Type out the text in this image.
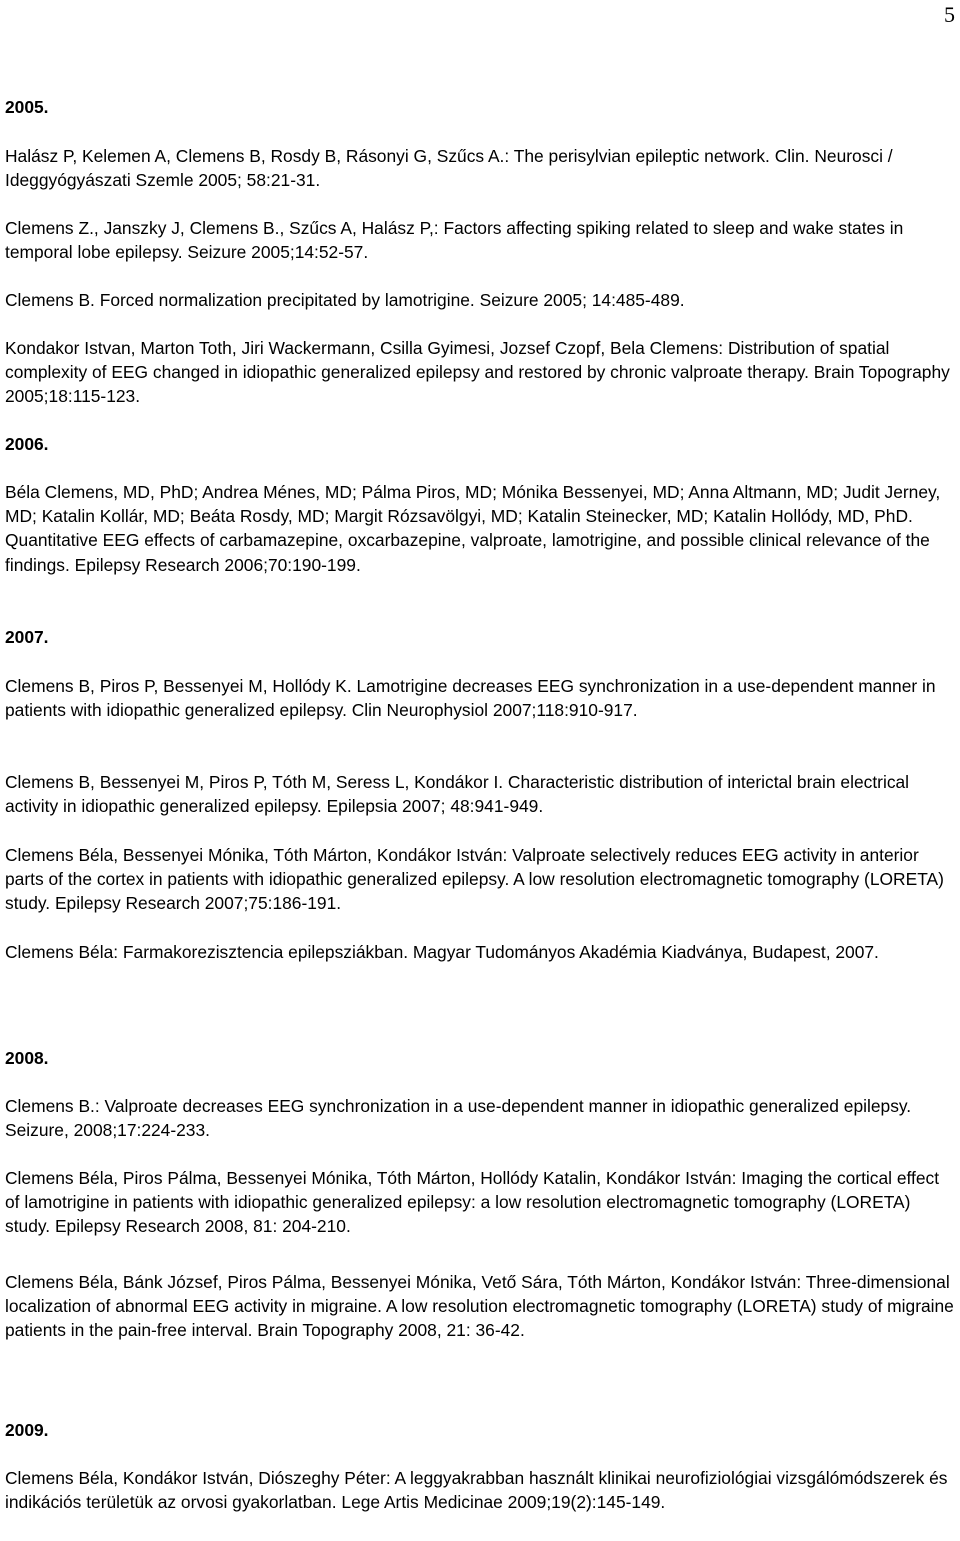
5

2005.

Halász P, Kelemen A, Clemens B, Rosdy B, Rásonyi G, Szűcs A.: The perisylvian epileptic network. Clin. Neurosci / Ideggyógyászati Szemle 2005; 58:21-31.

Clemens Z., Janszky J, Clemens B., Szűcs A, Halász P,: Factors affecting spiking related to sleep and wake states in temporal lobe epilepsy. Seizure 2005;14:52-57.

Clemens B. Forced normalization precipitated by lamotrigine. Seizure 2005; 14:485-489.

Kondakor Istvan, Marton Toth, Jiri Wackermann, Csilla Gyimesi, Jozsef Czopf, Bela Clemens: Distribution of spatial complexity of EEG changed in idiopathic generalized epilepsy and restored by chronic valproate therapy. Brain Topography 2005;18:115-123.

2006.

Béla Clemens, MD, PhD; Andrea Ménes, MD; Pálma Piros, MD; Mónika Bessenyei, MD; Anna Altmann, MD; Judit Jerney, MD; Katalin Kollár, MD; Beáta Rosdy, MD; Margit Rózsavölgyi, MD; Katalin Steinecker, MD; Katalin Hollódy, MD, PhD. Quantitative EEG effects of carbamazepine, oxcarbazepine, valproate, lamotrigine, and possible clinical relevance of the findings. Epilepsy Research 2006;70:190-199.

2007.

Clemens B, Piros P, Bessenyei M, Hollódy K. Lamotrigine decreases EEG synchronization in a use-dependent manner in patients with idiopathic generalized epilepsy. Clin Neurophysiol 2007;118:910-917.

Clemens B, Bessenyei M, Piros P, Tóth M, Seress L, Kondákor I. Characteristic distribution of interictal brain electrical activity in idiopathic generalized epilepsy. Epilepsia 2007; 48:941-949.

Clemens Béla, Bessenyei Mónika, Tóth Márton, Kondákor István: Valproate selectively reduces EEG activity in anterior parts of the cortex in patients with idiopathic generalized epilepsy. A low resolution electromagnetic tomography (LORETA) study. Epilepsy Research 2007;75:186-191.

Clemens Béla: Farmakorezisztencia epilepsziákban. Magyar Tudományos Akadémia Kiadványa, Budapest, 2007.

2008.

Clemens B.: Valproate decreases EEG synchronization in a use-dependent manner in idiopathic generalized epilepsy. Seizure, 2008;17:224-233.

Clemens Béla, Piros Pálma, Bessenyei Mónika, Tóth Márton, Hollódy Katalin, Kondákor István: Imaging the cortical effect of lamotrigine in patients with idiopathic generalized epilepsy: a low resolution electromagnetic tomography (LORETA) study. Epilepsy Research 2008, 81: 204-210.

Clemens Béla, Bánk József, Piros Pálma, Bessenyei Mónika, Vető Sára, Tóth Márton, Kondákor István: Three-dimensional localization of abnormal EEG activity in migraine. A low resolution electromagnetic tomography (LORETA) study of migraine patients in the pain-free interval. Brain Topography 2008, 21: 36-42.

2009.

Clemens Béla, Kondákor István, Diószeghy Péter: A leggyakrabban használt klinikai neurofiziológiai vizsgálómódszerek és indikációs területük az orvosi gyakorlatban. Lege Artis Medicinae 2009;19(2):145-149.
